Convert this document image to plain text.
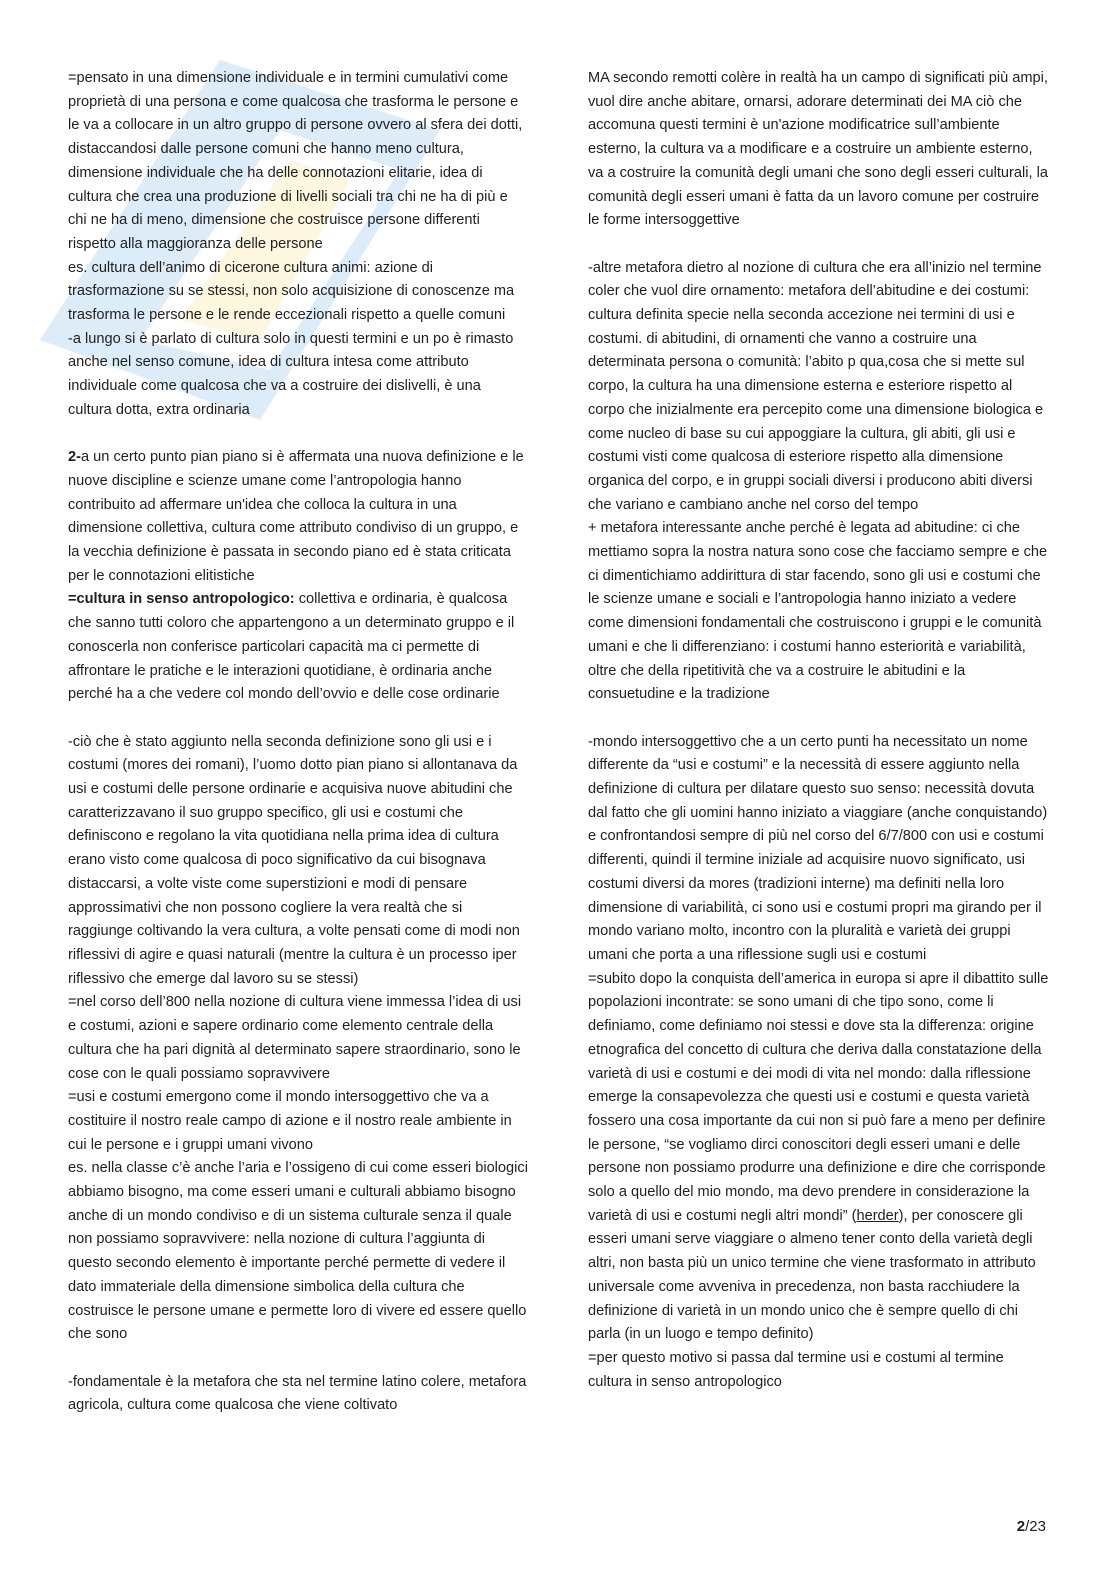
=pensato in una dimensione individuale e in termini cumulativi come proprietà di una persona e come qualcosa che trasforma le persone e le va a collocare in un altro gruppo di persone ovvero al sfera dei dotti, distaccandosi dalle persone comuni che hanno meno cultura, dimensione individuale che ha delle connotazioni elitarie, idea di cultura che crea una produzione di livelli sociali tra chi ne ha di più e chi ne ha di meno, dimensione che costruisce persone differenti rispetto alla maggioranza delle persone

es. cultura dell’animo di cicerone cultura animi: azione di trasformazione su se stessi, non solo acquisizione di conoscenze ma trasforma le persone e le rende eccezionali rispetto a quelle comuni

-a lungo si è parlato di cultura solo in questi termini e un po è rimasto anche nel senso comune, idea di cultura intesa come attributo individuale come qualcosa che va a costruire dei dislivelli, è una cultura dotta, extra ordinaria

2-a un certo punto pian piano si è affermata una nuova definizione e le nuove discipline e scienze umane come l’antropologia hanno contribuito ad affermare un'idea che colloca la cultura in una dimensione collettiva, cultura come attributo condiviso di un gruppo, e la vecchia definizione è passata in secondo piano ed è stata criticata per le connotazioni elitistiche

=cultura in senso antropologico: collettiva e ordinaria, è qualcosa che sanno tutti coloro che appartengono a un determinato gruppo e il conoscerla non conferisce particolari capacità ma ci permette di affrontare le pratiche e le interazioni quotidiane, è ordinaria anche perché ha a che vedere col mondo dell’ovvio e delle cose ordinarie

-ciò che è stato aggiunto nella seconda definizione sono gli usi e i costumi (mores dei romani), l’uomo dotto pian piano si allontanava da usi e costumi delle persone ordinarie e acquisiva nuove abitudini che caratterizzavano il suo gruppo specifico, gli usi e costumi che definiscono e regolano la vita quotidiana nella prima idea di cultura erano visto come qualcosa di poco significativo da cui bisognava distaccarsi, a volte viste come superstizioni e modi di pensare approssimativi che non possono cogliere la vera realtà che si raggiunge coltivando la vera cultura, a volte pensati come di modi non riflessivi di agire e quasi naturali (mentre la cultura è un processo iper riflessivo che emerge dal lavoro su se stessi)

=nel corso dell’800 nella nozione di cultura viene immessa l’idea di usi e costumi, azioni e sapere ordinario come elemento centrale della cultura che ha pari dignità al determinato sapere straordinario, sono le cose con le quali possiamo sopravvivere

=usi e costumi emergono come il mondo intersoggettivo che va a costituire il nostro reale campo di azione e il nostro reale ambiente in cui le persone e i gruppi umani vivono

es. nella classe c’è anche l’aria e l’ossigeno di cui come esseri biologici abbiamo bisogno, ma come esseri umani e culturali abbiamo bisogno anche di un mondo condiviso e di un sistema culturale senza il quale non possiamo sopravvivere: nella nozione di cultura l’aggiunta di questo secondo elemento è importante perché permette di vedere il dato immateriale della dimensione simbolica della cultura che costruisce le persone umane e permette loro di vivere ed essere quello che sono

-fondamentale è la metafora che sta nel termine latino colere, metafora agricola, cultura come qualcosa che viene coltivato

MA secondo remotti colère in realtà ha un campo di significati più ampi, vuol dire anche abitare, ornarsi, adorare determinati dei MA ciò che accomuna questi termini è un'azione modificatrice sull’ambiente esterno, la cultura va a modificare e a costruire un ambiente esterno, va a costruire la comunità degli umani che sono degli esseri culturali, la comunità degli esseri umani è fatta da un lavoro comune per costruire le forme intersoggettive

-altre metafora dietro al nozione di cultura che era all’inizio nel termine coler che vuol dire ornamento: metafora dell’abitudine e dei costumi: cultura definita specie nella seconda accezione nei termini di usi e costumi. di abitudini, di ornamenti che vanno a costruire una determinata persona o comunità: l’abito p qua,cosa che si mette sul corpo, la cultura ha una dimensione esterna e esteriore rispetto al corpo che inizialmente era percepito come una dimensione biologica e come nucleo di base su cui appoggiare la cultura, gli abiti, gli usi e costumi visti come qualcosa di esteriore rispetto alla dimensione organica del corpo, e in gruppi sociali diversi i producono abiti diversi che variano e cambiano anche nel corso del tempo

+ metafora interessante anche perché è legata ad abitudine: ci che mettiamo sopra la nostra natura sono cose che facciamo sempre e che ci dimentichiamo addirittura di star facendo, sono gli usi e costumi che le scienze umane e sociali e l’antropologia hanno iniziato a vedere come dimensioni fondamentali che costruiscono i gruppi e le comunità umani e che li differenziano: i costumi hanno esteriorità e variabilità, oltre che della ripetitività che va a costruire le abitudini e la consuetudine e la tradizione

-mondo intersoggettivo che a un certo punti ha necessitato un nome differente da “usi e costumi” e la necessità di essere aggiunto nella definizione di cultura per dilatare questo suo senso: necessità dovuta dal fatto che gli uomini hanno iniziato a viaggiare (anche conquistando) e confrontandosi sempre di più nel corso del 6/7/800 con usi e costumi differenti, quindi il termine iniziale ad acquisire nuovo significato, usi costumi diversi da mores (tradizioni interne) ma definiti nella loro dimensione di variabilità, ci sono usi e costumi propri ma girando per il mondo variano molto, incontro con la pluralità e varietà dei gruppi umani che porta a una riflessione sugli usi e costumi

=subito dopo la conquista dell’america in europa si apre il dibattito sulle popolazioni incontrate: se sono umani di che tipo sono, come li definiamo, come definiamo noi stessi e dove sta la differenza: origine etnografica del concetto di cultura che deriva dalla constatazione della varietà di usi e costumi e dei modi di vita nel mondo: dalla riflessione emerge la consapevolezza che questi usi e costumi e questa varietà fossero una cosa importante da cui non si può fare a meno per definire le persone, “se vogliamo dirci conoscitori degli esseri umani e delle persone non possiamo produrre una definizione e dire che corrisponde solo a quello del mio mondo, ma devo prendere in considerazione la varietà di usi e costumi negli altri mondi” (herder), per conoscere gli esseri umani serve viaggiare o almeno tener conto della varietà degli altri, non basta più un unico termine che viene trasformato in attributo universale come avveniva in precedenza, non basta racchiudere la definizione di varietà in un mondo unico che è sempre quello di chi parla (in un luogo e tempo definito)

=per questo motivo si passa dal termine usi e costumi al termine cultura in senso antropologico

2/23
